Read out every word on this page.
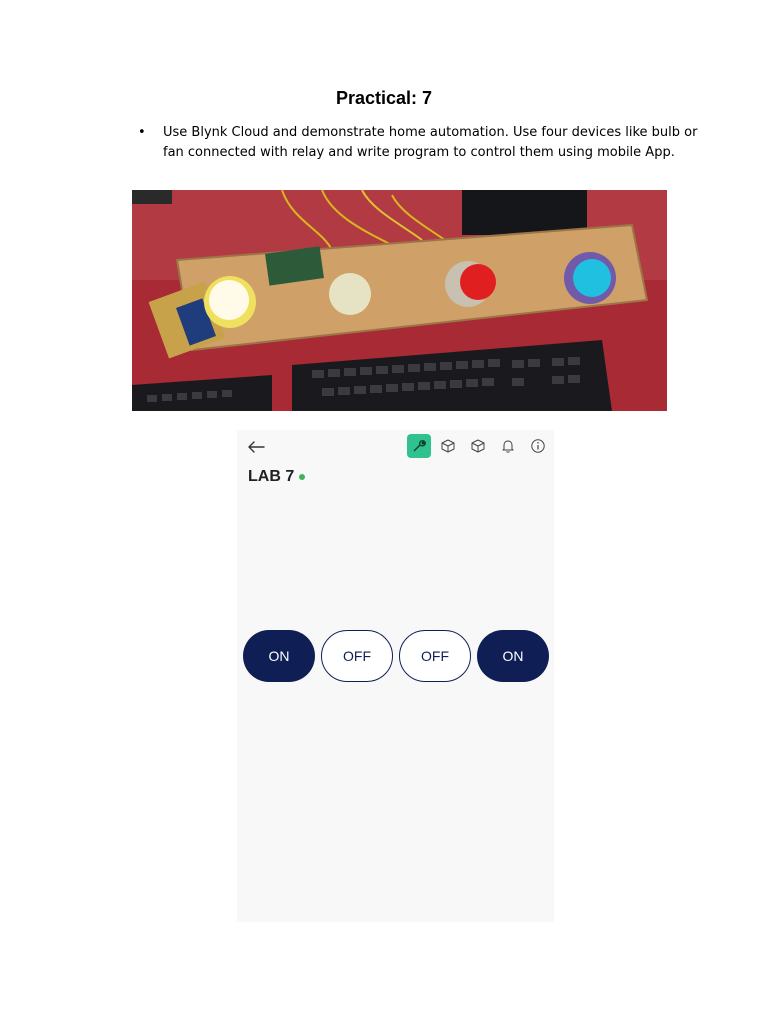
Practical: 7
• Use Blynk Cloud and demonstrate home automation. Use four devices like bulb or fan connected with relay and write program to control them using mobile App.
LAB 7
ON	OFF	OFF	ON
